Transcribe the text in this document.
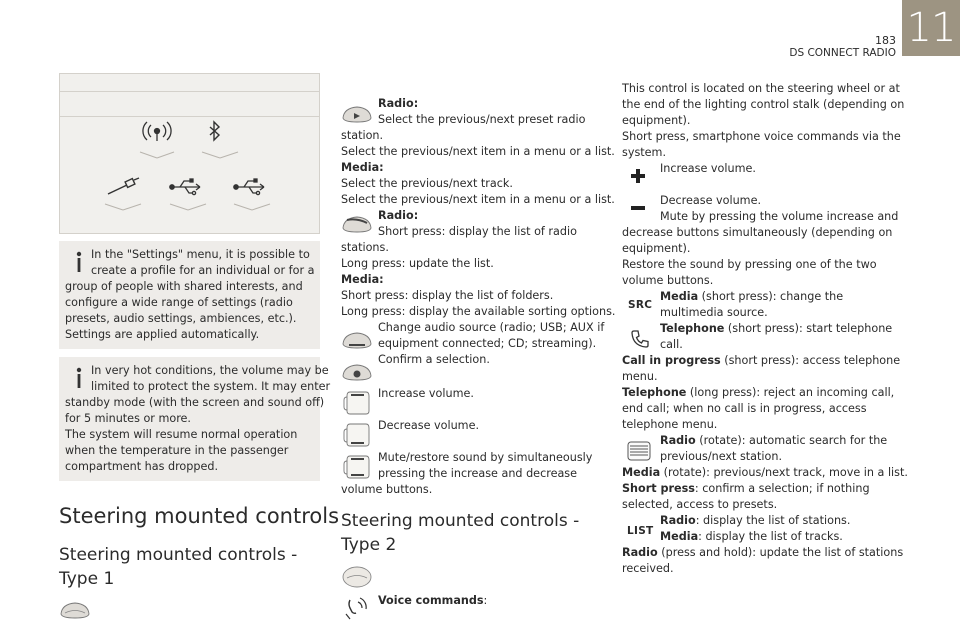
183
DS CONNECT RADIO
11
In the "Settings" menu, it is possible to
create a profile for an individual or for a
group of people with shared interests, and
configure a wide range of settings (radio
presets, audio settings, ambiences, etc.).
Settings are applied automatically.
In very hot conditions, the volume may be
limited to protect the system. It may enter
standby mode (with the screen and sound off)
for 5 minutes or more.
The system will resume normal operation
when the temperature in the passenger
compartment has dropped.
Steering mounted controls
Steering mounted controls -
Type 1
Radio:
Select the previous/next preset radio
station.
Select the previous/next item in a menu or a list.
Media:
Select the previous/next track.
Select the previous/next item in a menu or a list.
Radio:
Short press: display the list of radio
stations.
Long press: update the list.
Media:
Short press: display the list of folders.
Long press: display the available sorting options.
Change audio source (radio; USB; AUX if
equipment connected; CD; streaming).
Confirm a selection.
Increase volume.
Decrease volume.
Mute/restore sound by simultaneously
pressing the increase and decrease
volume buttons.
Steering mounted controls -
Type 2
Voice commands:
This control is located on the steering wheel or at
the end of the lighting control stalk (depending on
equipment).
Short press, smartphone voice commands via the
system.
Increase volume.
Decrease volume.
Mute by pressing the volume increase and
decrease buttons simultaneously (depending on
equipment).
Restore the sound by pressing one of the two
volume buttons.
Media (short press): change the
multimedia source.
Telephone (short press): start telephone
call.
Call in progress (short press): access telephone
menu.
Telephone (long press): reject an incoming call,
end call; when no call is in progress, access
telephone menu.
Radio (rotate): automatic search for the
previous/next station.
Media (rotate): previous/next track, move in a list.
Short press: confirm a selection; if nothing
selected, access to presets.
Radio: display the list of stations.
Media: display the list of tracks.
Radio (press and hold): update the list of stations
received.
SRC
LIST
